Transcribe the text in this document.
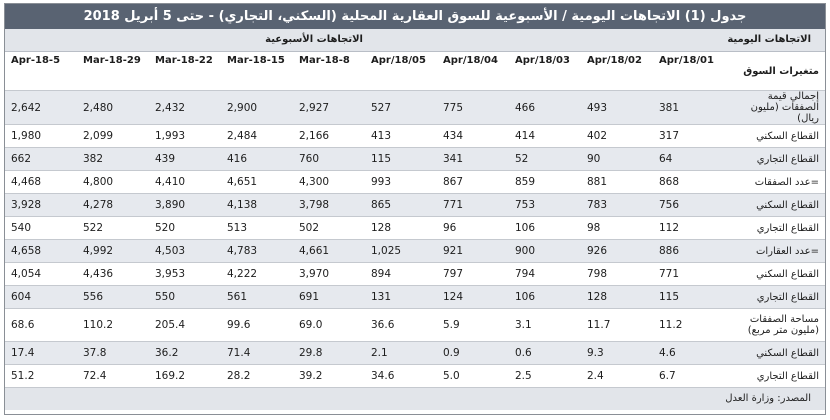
جدول (1) الاتجاهات اليومية / الأسبوعية للسوق العقارية المحلية (السكني، التجاري) - حتى 5 أبريل 2018
الاتجاهات اليومية
الاتجاهات الأسبوعية
متغيرات السوق	Apr/18/01	Apr/18/02	Apr/18/03	Apr/18/04	Apr/18/05	8-Mar-18	15-Mar-18	22-Mar-18	29-Mar-18	5-Apr-18
إجمالي قيمة الصفقات (مليون ريال)	381	493	466	775	527	2,927	2,900	2,432	2,480	2,642
القطاع السكني	317	402	414	434	413	2,166	2,484	1,993	2,099	1,980
القطاع التجاري	64	90	52	341	115	760	416	439	382	662
=عدد الصفقات	868	881	859	867	993	4,300	4,651	4,410	4,800	4,468
القطاع السكني	756	783	753	771	865	3,798	4,138	3,890	4,278	3,928
القطاع التجاري	112	98	106	96	128	502	513	520	522	540
=عدد العقارات	886	926	900	921	1,025	4,661	4,783	4,503	4,992	4,658
القطاع السكني	771	798	794	797	894	3,970	4,222	3,953	4,436	4,054
القطاع التجاري	115	128	106	124	131	691	561	550	556	604
مساحة الصفقات (مليون متر مربع)	11.2	11.7	3.1	5.9	36.6	69.0	99.6	205.4	110.2	68.6
القطاع السكني	4.6	9.3	0.6	0.9	2.1	29.8	71.4	36.2	37.8	17.4
القطاع التجاري	6.7	2.4	2.5	5.0	34.6	39.2	28.2	169.2	72.4	51.2
المصدر: وزارة العدل
